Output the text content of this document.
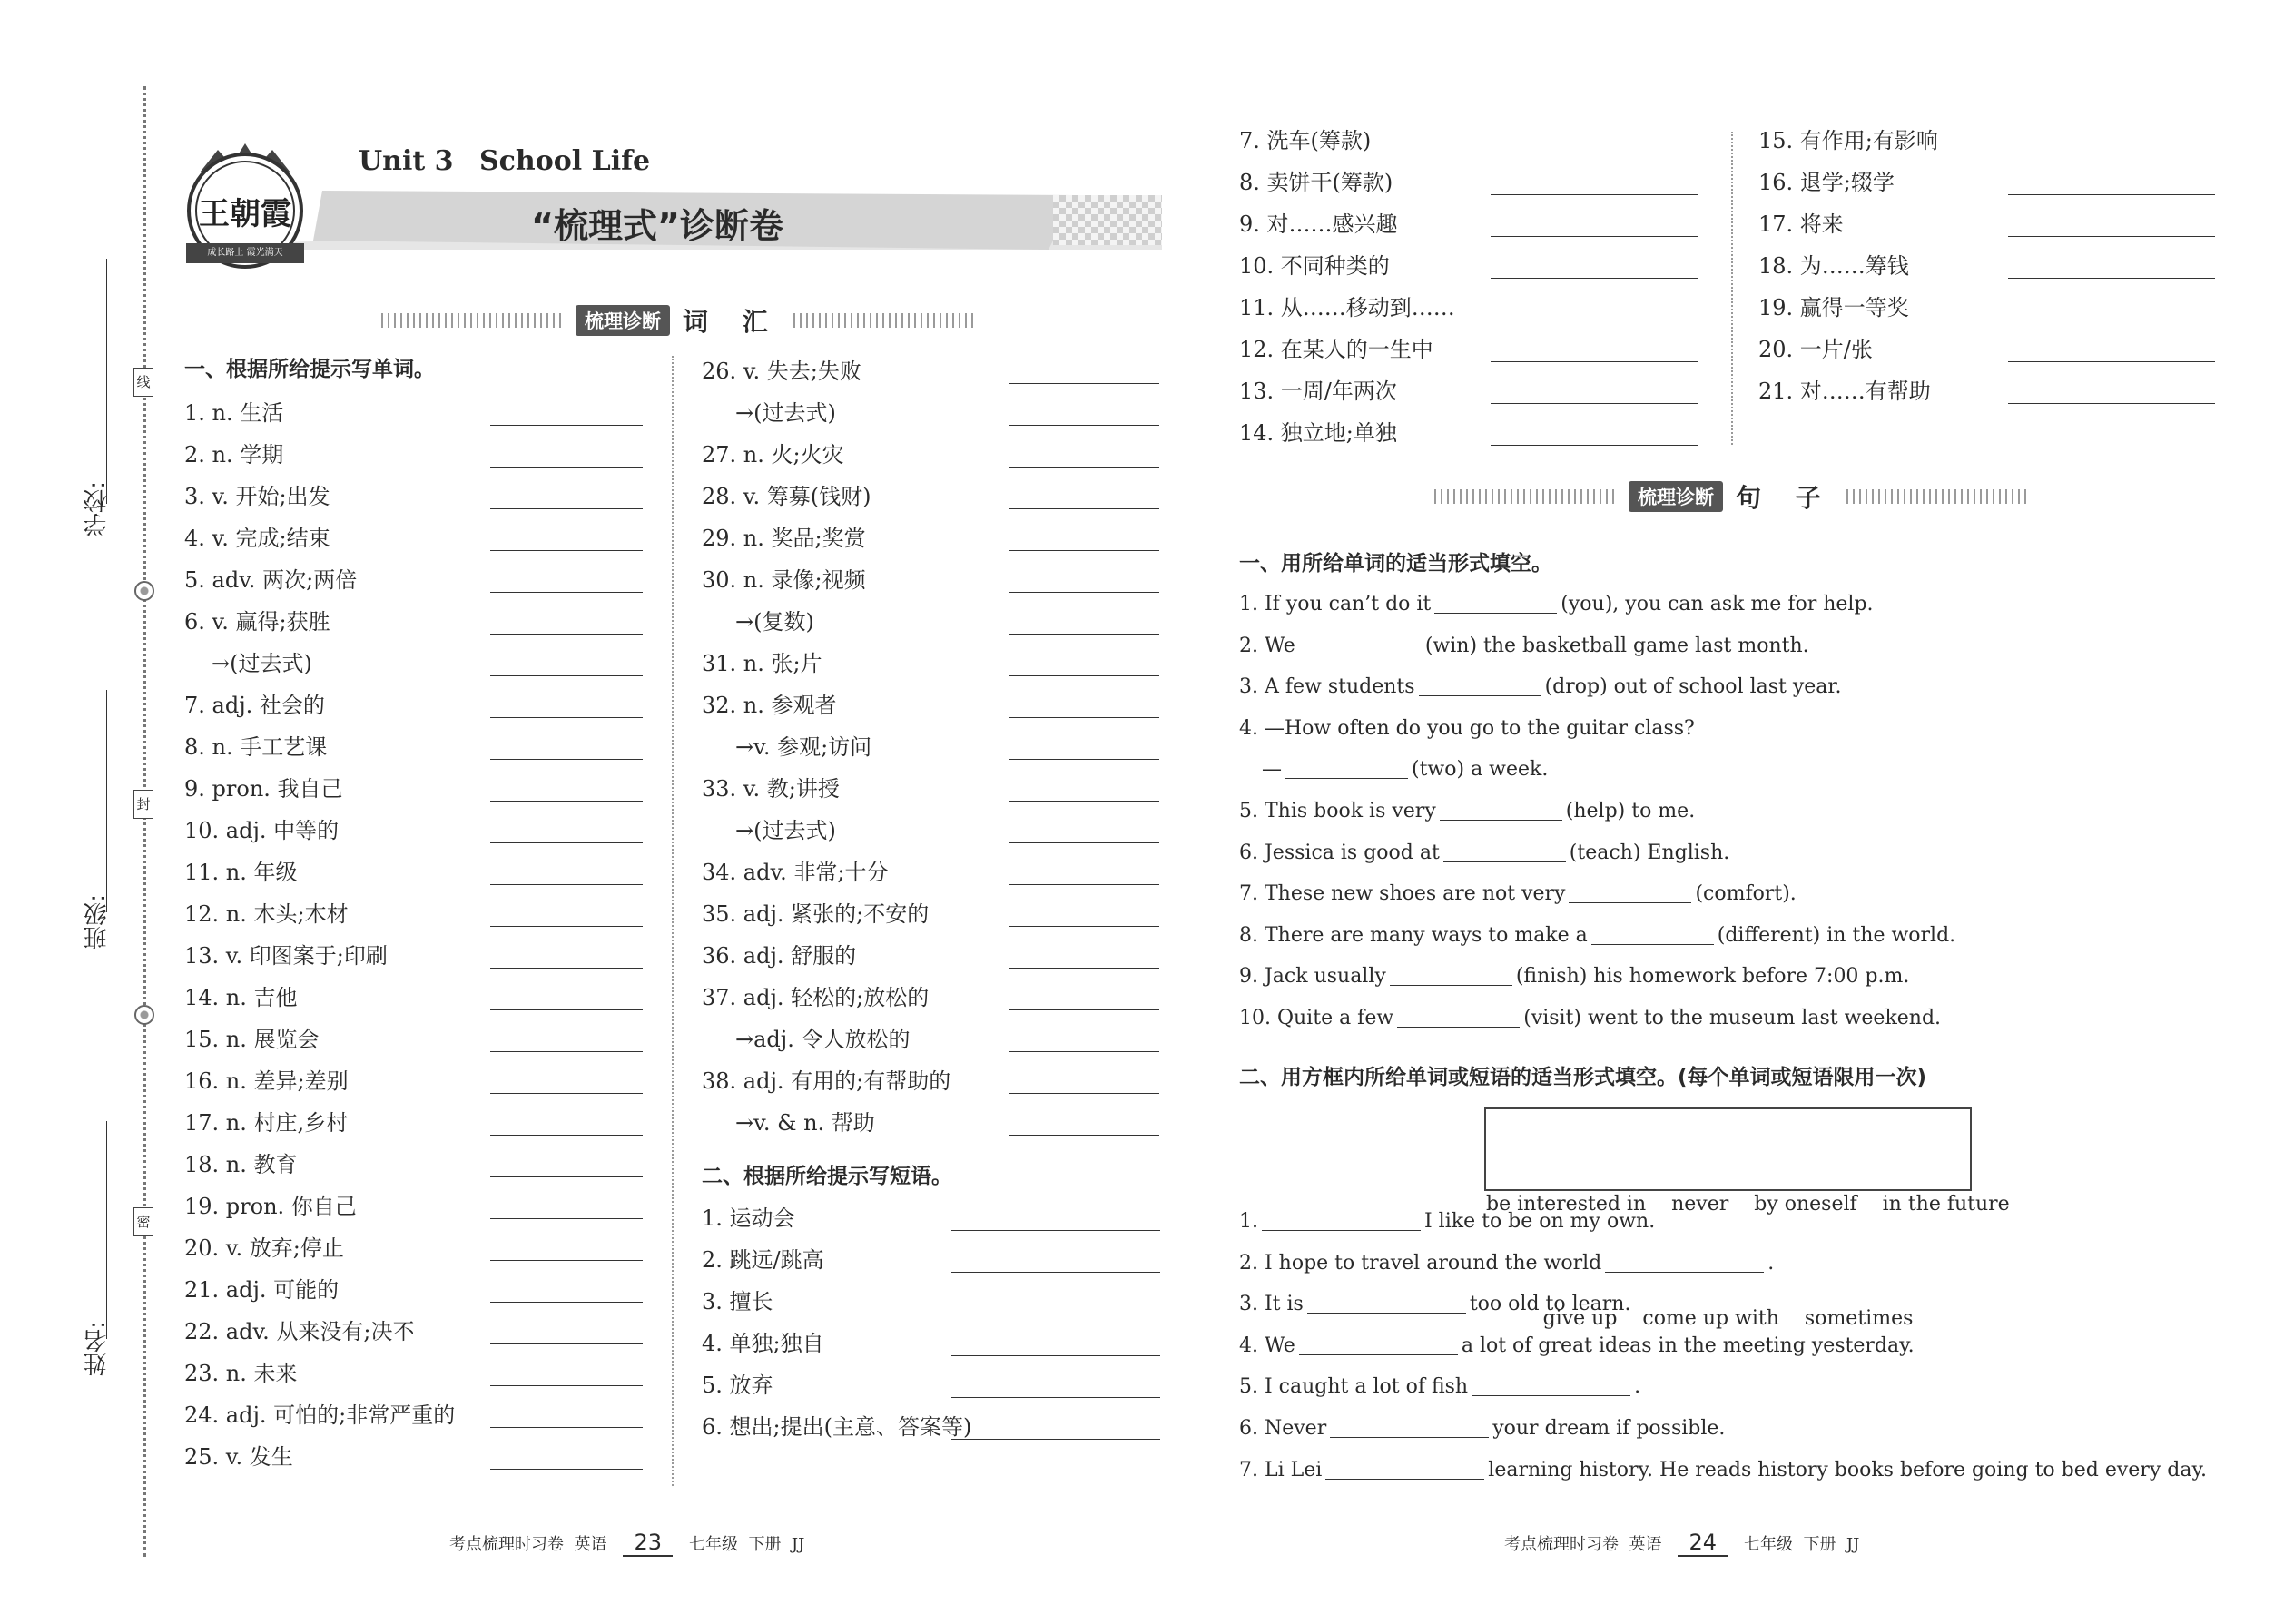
学校:
班级:
姓名:
线
封
密
王朝霞
成长路上 霞光满天
Unit 3 School Life
“梳理式”诊断卷
梳理诊断 词 汇
一、根据所给提示写单词。
1. n. 生活
2. n. 学期
3. v. 开始;出发
4. v. 完成;结束
5. adv. 两次;两倍
6. v. 赢得;获胜
→(过去式)
7. adj. 社会的
8. n. 手工艺课
9. pron. 我自己
10. adj. 中等的
11. n. 年级
12. n. 木头;木材
13. v. 印图案于;印刷
14. n. 吉他
15. n. 展览会
16. n. 差异;差别
17. n. 村庄,乡村
18. n. 教育
19. pron. 你自己
20. v. 放弃;停止
21. adj. 可能的
22. adv. 从来没有;决不
23. n. 未来
24. adj. 可怕的;非常严重的
25. v. 发生
26. v. 失去;失败
→(过去式)
27. n. 火;火灾
28. v. 筹募(钱财)
29. n. 奖品;奖赏
30. n. 录像;视频
→(复数)
31. n. 张;片
32. n. 参观者
→v. 参观;访问
33. v. 教;讲授
→(过去式)
34. adv. 非常;十分
35. adj. 紧张的;不安的
36. adj. 舒服的
37. adj. 轻松的;放松的
→adj. 令人放松的
38. adj. 有用的;有帮助的
→v. & n. 帮助
二、根据所给提示写短语。
1. 运动会
2. 跳远/跳高
3. 擅长
4. 单独;独自
5. 放弃
6. 想出;提出(主意、答案等)
7. 洗车(筹款)
8. 卖饼干(筹款)
9. 对……感兴趣
10. 不同种类的
11. 从……移动到……
12. 在某人的一生中
13. 一周/年两次
14. 独立地;单独
15. 有作用;有影响
16. 退学;辍学
17. 将来
18. 为……筹钱
19. 赢得一等奖
20. 一片/张
21. 对……有帮助
梳理诊断 句 子
一、用所给单词的适当形式填空。
1. If you can’t do it	(you), you can ask me for help.
2. We	(win) the basketball game last month.
3. A few students	(drop) out of school last year.
4. —How often do you go to the guitar class?
—	(two) a week.
5. This book is very	(help) to me.
6. Jessica is good at	(teach) English.
7. These new shoes are not very	(comfort).
8. There are many ways to make a	(different) in the world.
9. Jack usually	(finish) his homework before 7:00 p.m.
10. Quite a few	(visit) went to the museum last weekend.
二、用方框内所给单词或短语的适当形式填空。(每个单词或短语限用一次)

be interested in    never    by oneself    in the future

give up    come up with    sometimes

1.	I like to be on my own.
2. I hope to travel around the world	.
3. It is	too old to learn.
4. We	a lot of great ideas in the meeting yesterday.
5. I caught a lot of fish	.
6. Never	your dream if possible.
7. Li Lei	learning history. He reads history books before going to bed every day.
考点梳理时习卷  英语	23	七年级  下册  JJ	考点梳理时习卷  英语	24	七年级  下册  JJ
